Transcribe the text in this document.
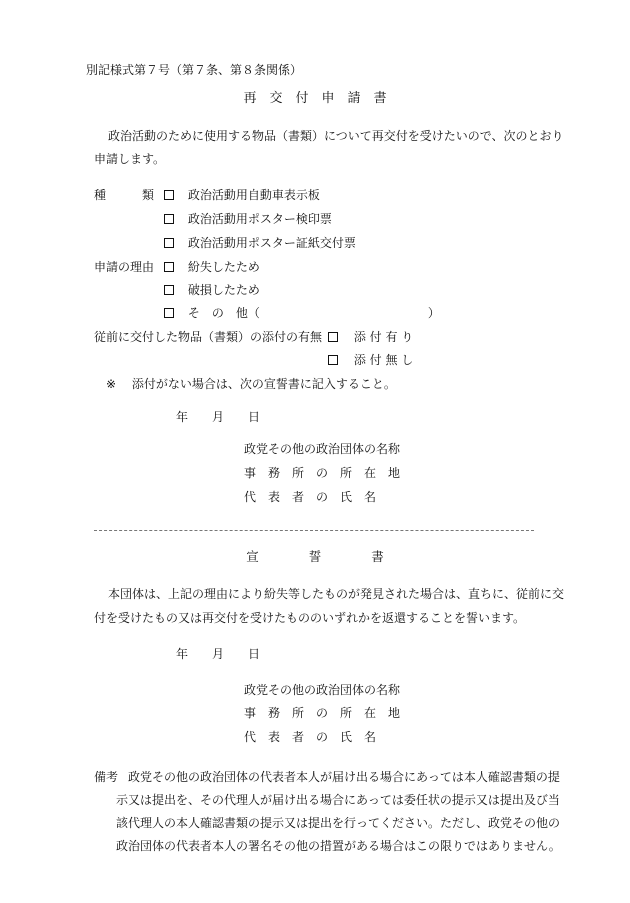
別記様式第７号（第７条、第８条関係）
再　交　付　申　請　書
政治活動のために使用する物品（書類）について再交付を受けたいので、次のとおり
申請します。
種　　　類	政治活動用自動車表示板
政治活動用ポスター検印票
政治活動用ポスター証紙交付票
申請の理由	紛失したため
破損したため
そ　の　他（　　　　　　　　　　　　　　）
従前に交付した物品（書類）の添付の有無	添 付 有 り
添 付 無 し
※ 添付がない場合は、次の宣誓書に記入すること。
年　　月　　日
政党その他の政治団体の名称
事　務　所　の　所　在　地
代　表　者　の　氏　名
宣　　　　誓　　　　書
本団体は、上記の理由により紛失等したものが発見された場合は、直ちに、従前に交
付を受けたもの又は再交付を受けたもののいずれかを返還することを誓います。
年　　月　　日
政党その他の政治団体の名称
事　務　所　の　所　在　地
代　表　者　の　氏　名
備考 政党その他の政治団体の代表者本人が届け出る場合にあっては本人確認書類の提
示又は提出を、その代理人が届け出る場合にあっては委任状の提示又は提出及び当
該代理人の本人確認書類の提示又は提出を行ってください。ただし、政党その他の
政治団体の代表者本人の署名その他の措置がある場合はこの限りではありません。
